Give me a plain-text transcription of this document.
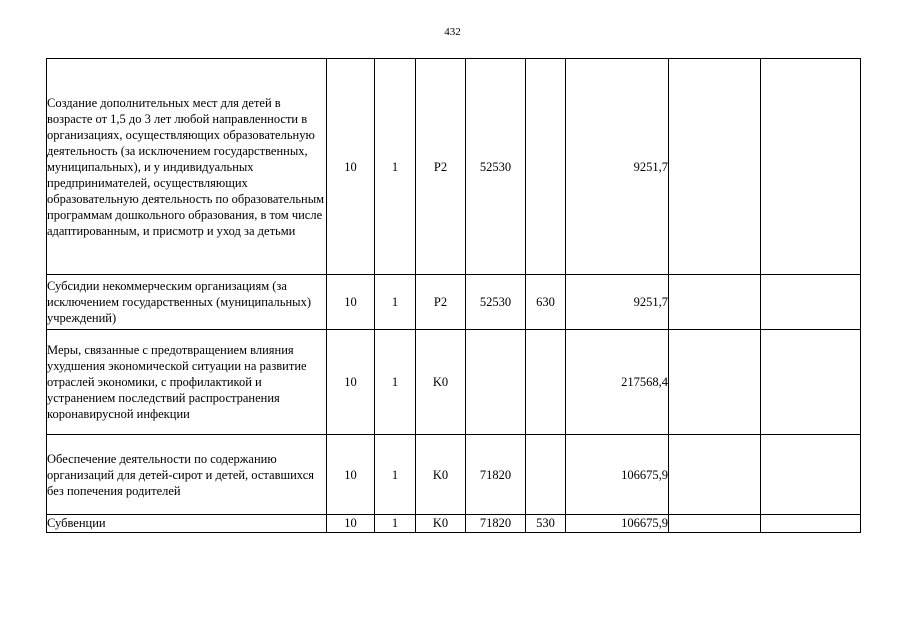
432
Создание дополнительных мест для детей в возрасте от 1,5 до 3 лет любой направленности в организациях, осуществляющих образовательную деятельность (за исключением государственных, муниципальных), и у индивидуальных предпринимателей, осуществляющих образовательную деятельность по образовательным программам дошкольного образования, в том числе адаптированным, и присмотр и уход за детьми	10	1	P2	52530		9251,7		
Субсидии некоммерческим организациям (за исключением государственных (муниципальных) учреждений)	10	1	P2	52530	630	9251,7		
Меры, связанные с предотвращением влияния ухудшения экономической ситуации на развитие отраслей экономики, с профилактикой и устранением последствий распространения коронавирусной инфекции	10	1	K0			217568,4		
Обеспечение деятельности по содержанию организаций для детей-сирот и детей, оставшихся без попечения родителей	10	1	K0	71820		106675,9		
Субвенции	10	1	K0	71820	530	106675,9		
